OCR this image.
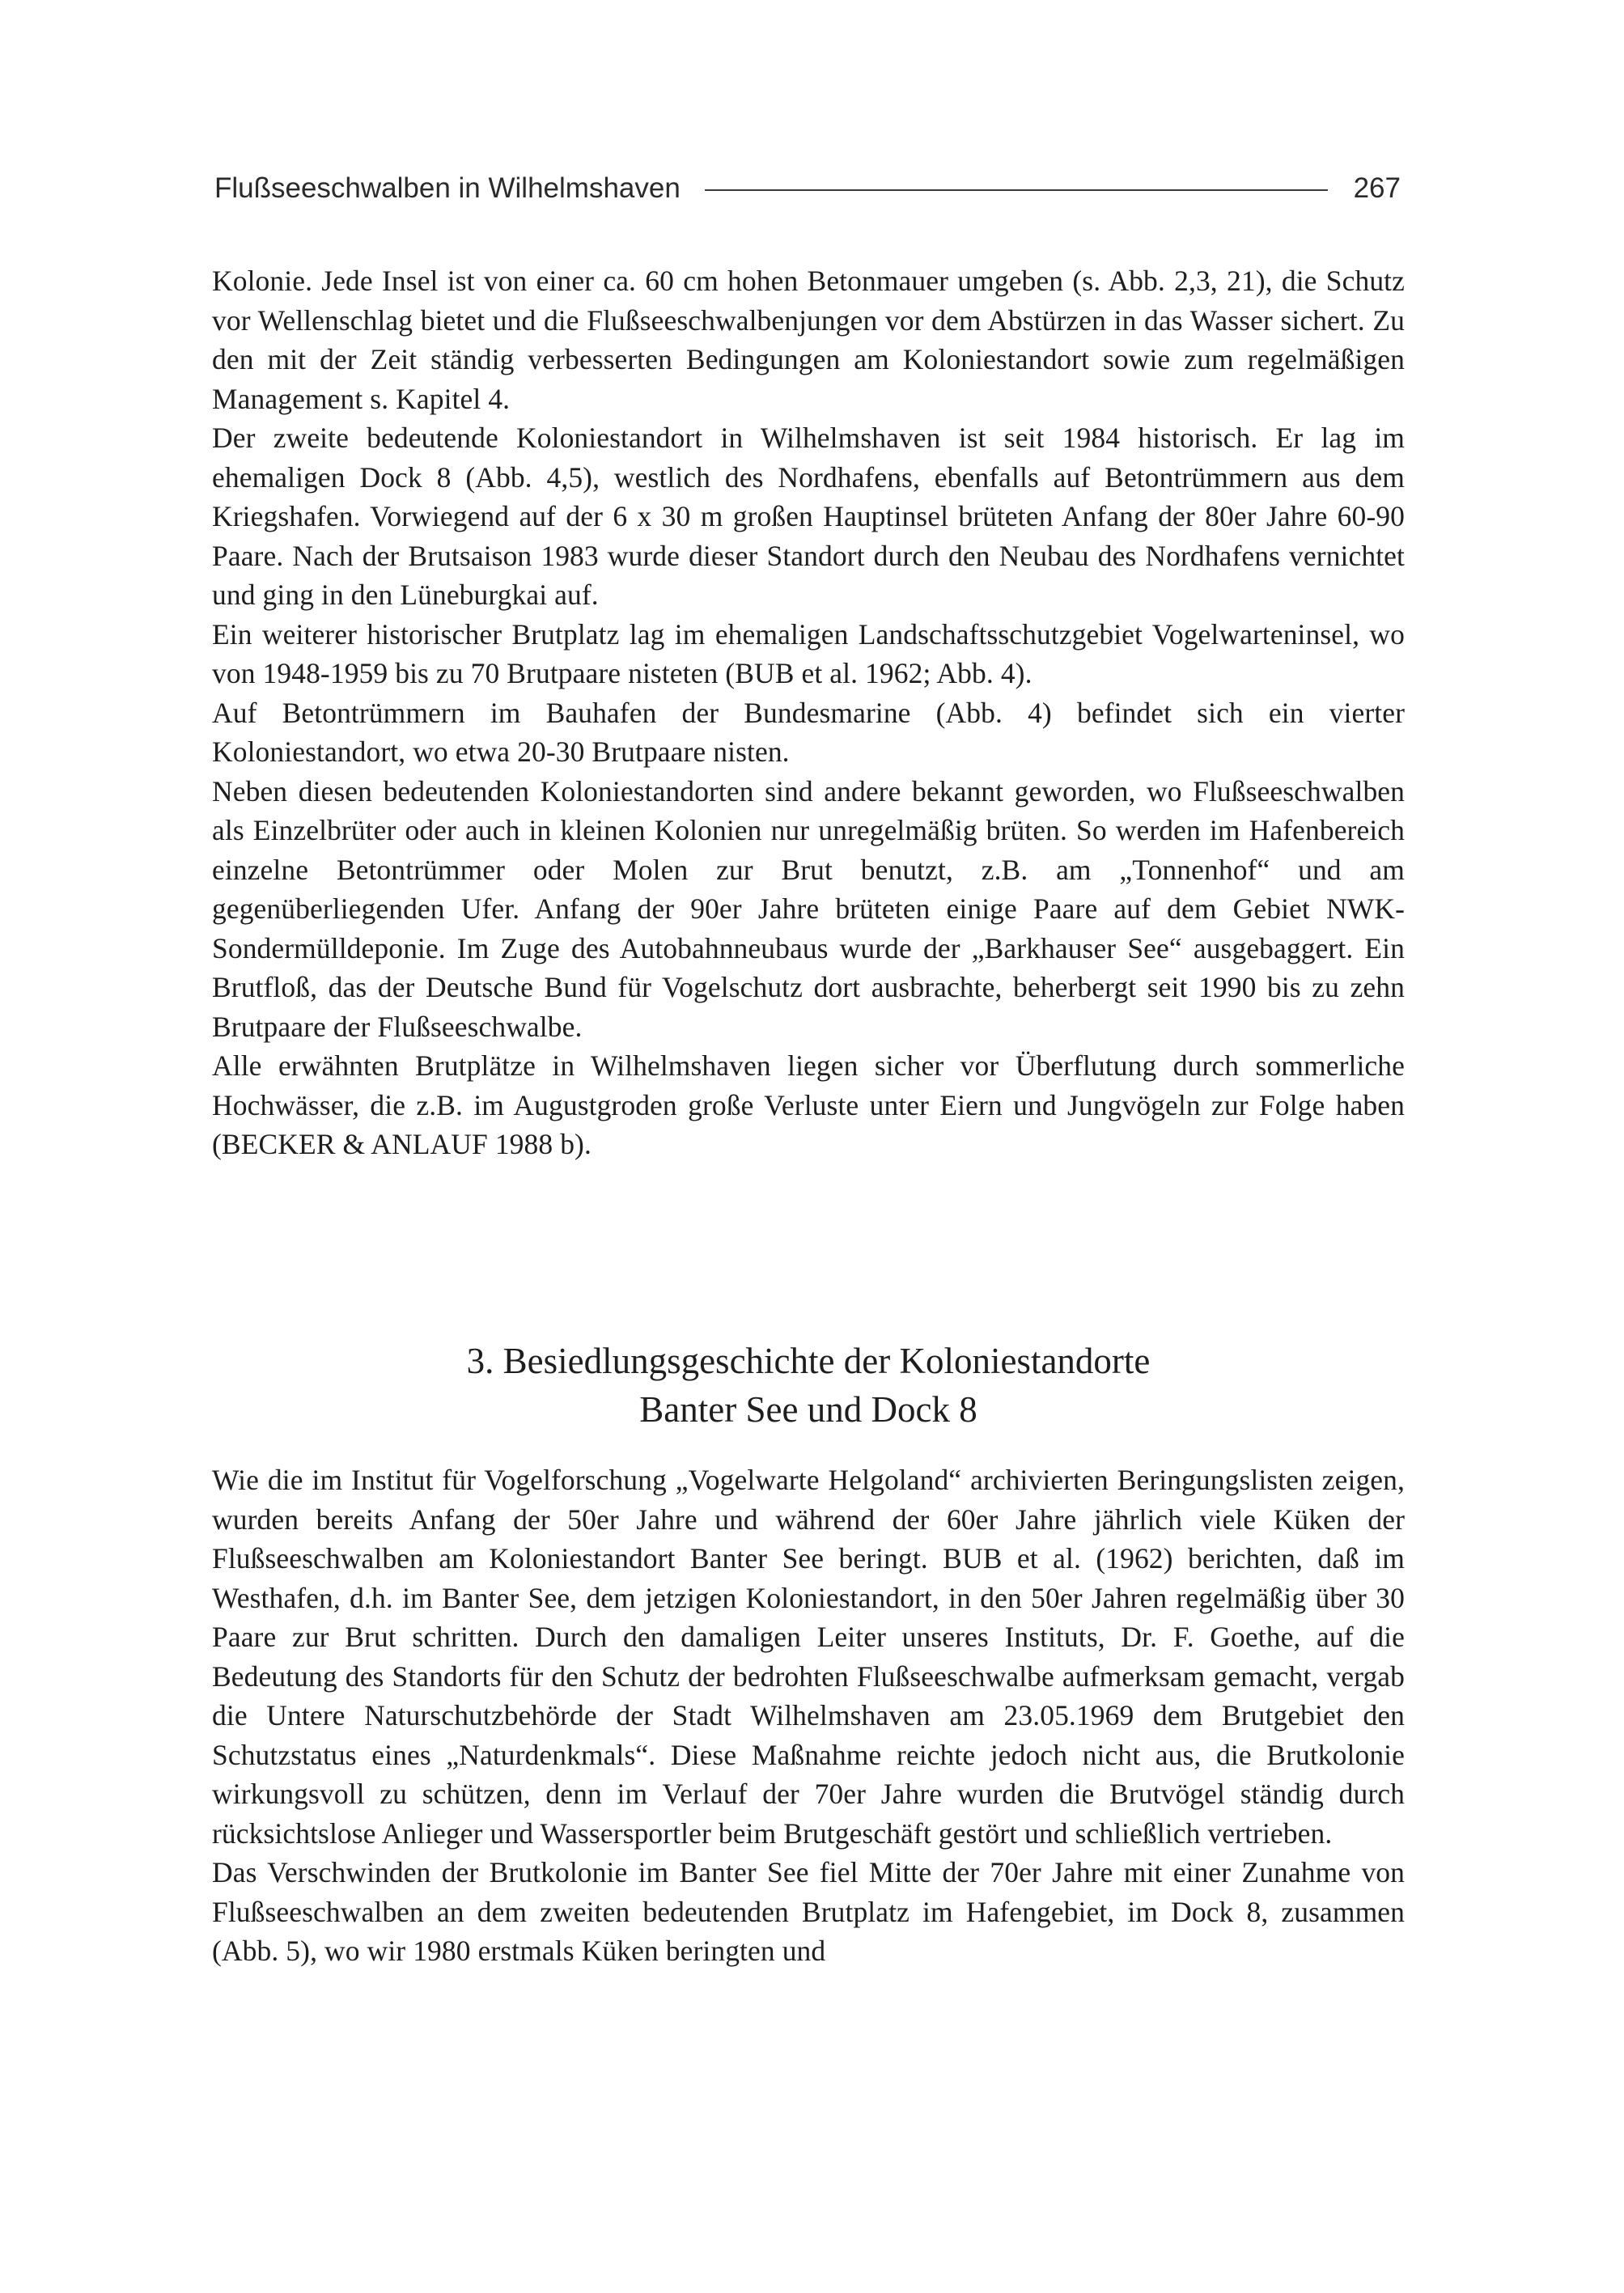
Flußseeschwalben in Wilhelmshaven	267

Kolonie. Jede Insel ist von einer ca. 60 cm hohen Betonmauer umgeben (s. Abb. 2,3, 21), die Schutz vor Wellenschlag bietet und die Flußseeschwalbenjungen vor dem Abstürzen in das Wasser sichert. Zu den mit der Zeit ständig verbesserten Bedingungen am Koloniestandort sowie zum regelmäßigen Management s. Kapitel 4.

Der zweite bedeutende Koloniestandort in Wilhelmshaven ist seit 1984 historisch. Er lag im ehemaligen Dock 8 (Abb. 4,5), westlich des Nordhafens, ebenfalls auf Betontrümmern aus dem Kriegshafen. Vorwiegend auf der 6 x 30 m großen Hauptinsel brüteten Anfang der 80er Jahre 60-90 Paare. Nach der Brutsaison 1983 wurde dieser Standort durch den Neubau des Nordhafens vernichtet und ging in den Lüneburgkai auf.

Ein weiterer historischer Brutplatz lag im ehemaligen Landschaftsschutzgebiet Vogelwarteninsel, wo von 1948-1959 bis zu 70 Brutpaare nisteten (BUB et al. 1962; Abb. 4).

Auf Betontrümmern im Bauhafen der Bundesmarine (Abb. 4) befindet sich ein vierter Koloniestandort, wo etwa 20-30 Brutpaare nisten.

Neben diesen bedeutenden Koloniestandorten sind andere bekannt geworden, wo Flußseeschwalben als Einzelbrüter oder auch in kleinen Kolonien nur unregelmäßig brüten. So werden im Hafenbereich einzelne Betontrümmer oder Molen zur Brut benutzt, z.B. am „Tonnenhof“ und am gegenüberliegenden Ufer. Anfang der 90er Jahre brüteten einige Paare auf dem Gebiet NWK-Sondermülldeponie. Im Zuge des Autobahnneubaus wurde der „Barkhauser See“ ausgebaggert. Ein Brutfloß, das der Deutsche Bund für Vogelschutz dort ausbrachte, beherbergt seit 1990 bis zu zehn Brutpaare der Flußseeschwalbe.

Alle erwähnten Brutplätze in Wilhelmshaven liegen sicher vor Überflutung durch sommerliche Hochwässer, die z.B. im Augustgroden große Verluste unter Eiern und Jungvögeln zur Folge haben (BECKER & ANLAUF 1988 b).

3. Besiedlungsgeschichte der Koloniestandorte
Banter See und Dock 8

Wie die im Institut für Vogelforschung „Vogelwarte Helgoland“ archivierten Beringungslisten zeigen, wurden bereits Anfang der 50er Jahre und während der 60er Jahre jährlich viele Küken der Flußseeschwalben am Koloniestandort Banter See beringt. BUB et al. (1962) berichten, daß im Westhafen, d.h. im Banter See, dem jetzigen Koloniestandort, in den 50er Jahren regelmäßig über 30 Paare zur Brut schritten. Durch den damaligen Leiter unseres Instituts, Dr. F. Goethe, auf die Bedeutung des Standorts für den Schutz der bedrohten Flußseeschwalbe aufmerksam gemacht, vergab die Untere Naturschutzbehörde der Stadt Wilhelmshaven am 23.05.1969 dem Brutgebiet den Schutzstatus eines „Naturdenkmals“. Diese Maßnahme reichte jedoch nicht aus, die Brutkolonie wirkungsvoll zu schützen, denn im Verlauf der 70er Jahre wurden die Brutvögel ständig durch rücksichtslose Anlieger und Wassersportler beim Brutgeschäft gestört und schließlich vertrieben.

Das Verschwinden der Brutkolonie im Banter See fiel Mitte der 70er Jahre mit einer Zunahme von Flußseeschwalben an dem zweiten bedeutenden Brutplatz im Hafengebiet, im Dock 8, zusammen (Abb. 5), wo wir 1980 erstmals Küken beringten und
